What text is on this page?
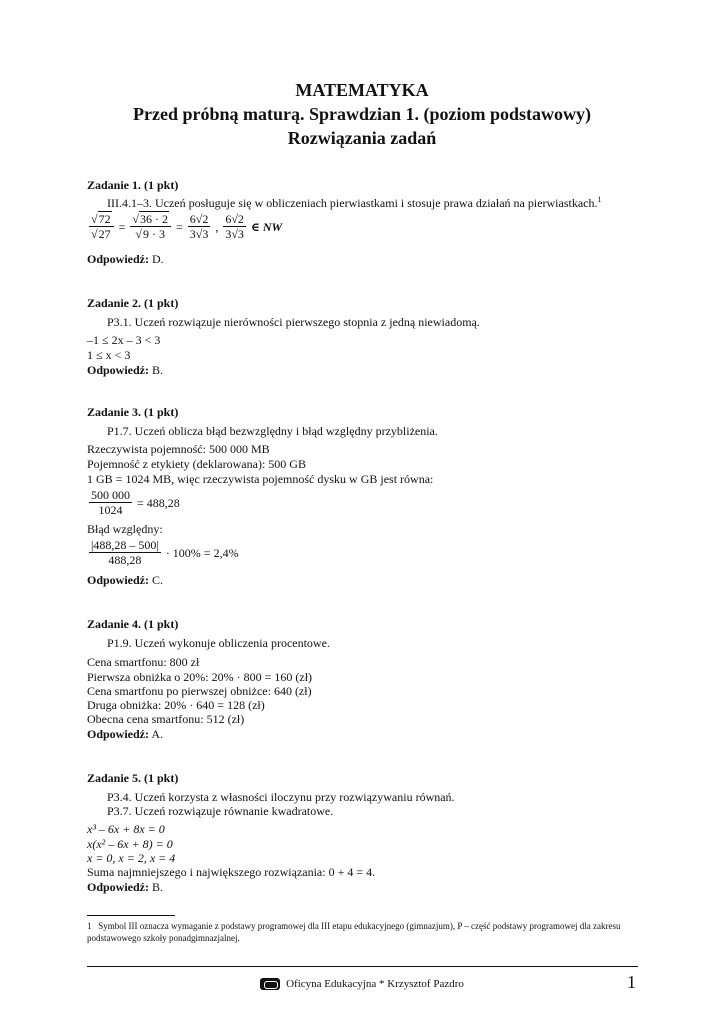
MATEMATYKA
Przed próbną maturą. Sprawdzian 1. (poziom podstawowy)
Rozwiązania zadań
Zadanie 1. (1 pkt)
III.4.1–3. Uczeń posługuje się w obliczeniach pierwiastkami i stosuje prawa działań na pierwiastkach.$^1$
$\frac{√72}{√27} = \frac{√36 \cdot 2}{√9 \cdot 3} = \frac{6√2}{3√3}$ , $\frac{6√2}{3√3}$ ∈ NW
Odpowiedź: D.
Zadanie 2. (1 pkt)
P3.1. Uczeń rozwiązuje nierówności pierwszego stopnia z jedną niewiadomą.
–1 ≤ 2x – 3 < 3
1 ≤ x < 3
Odpowiedź: B.
Zadanie 3. (1 pkt)
P1.7. Uczeń oblicza błąd bezwzględny i błąd względny przybliżenia.
Rzeczywista pojemność: 500 000 MB
Pojemność z etykiety (deklarowana): 500 GB
1 GB = 1024 MB, więc rzeczywista pojemność dysku w GB jest równa:
$\frac{500 000}{1024} = 488,28$
Błąd względny:
$\frac{|488,28 - 500|}{488,28} \cdot 100\% = 2,4\%$
Odpowiedź: C.
Zadanie 4. (1 pkt)
P1.9. Uczeń wykonuje obliczenia procentowe.
Cena smartfonu: 800 zł
Pierwsza obniżka o 20%: 20% · 800 = 160 (zł)
Cena smartfonu po pierwszej obniżce: 640 (zł)
Druga obniżka: 20% · 640 = 128 (zł)
Obecna cena smartfonu: 512 (zł)
Odpowiedź: A.
Zadanie 5. (1 pkt)
P3.4. Uczeń korzysta z własności iloczynu przy rozwiązywaniu równań.
P3.7. Uczeń rozwiązuje równanie kwadratowe.
x³ – 6x + 8x = 0
x(x² – 6x + 8) = 0
x = 0, x = 2, x = 4
Suma najmniejszego i największego rozwiązania: 0 + 4 = 4.
Odpowiedź: B.
1 Symbol III oznacza wymaganie z podstawy programowej dla III etapu edukacyjnego (gimnazjum), P – część podstawy programowej dla zakresu podstawowego szkoły ponadgimnazjalnej.
Oficyna Edukacyjna * Krzysztof Pazdro	1
